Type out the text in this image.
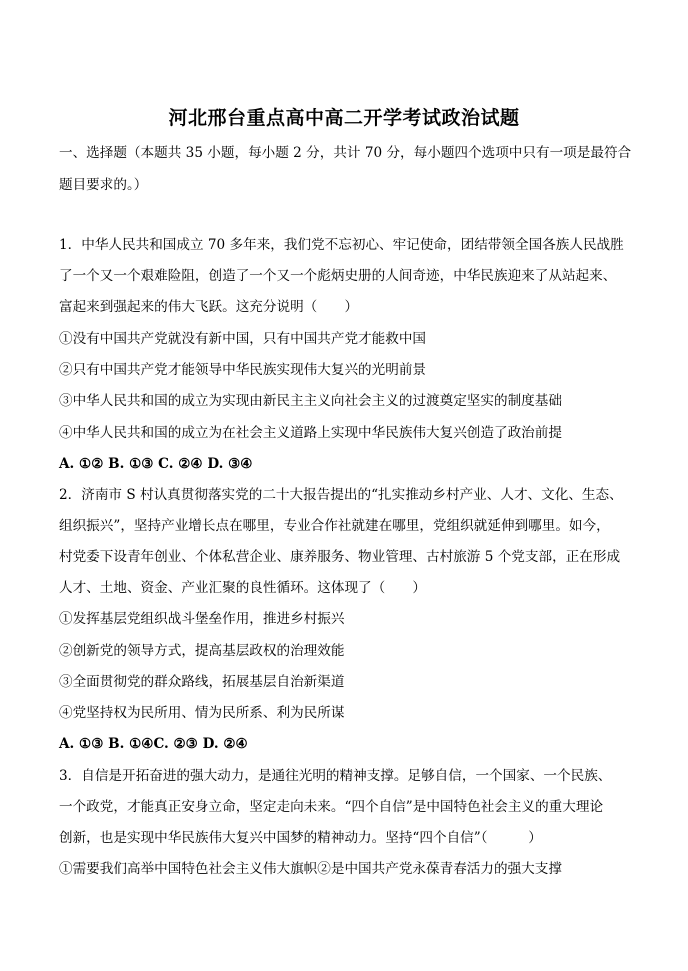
河北邢台重点高中高二开学考试政治试题
一、选择题（本题共 35 小题，每小题 2 分，共计 70 分，每小题四个选项中只有一项是最符合
题目要求的。）
1．中华人民共和国成立 70 多年来，我们党不忘初心、牢记使命，团结带领全国各族人民战胜
了一个又一个艰难险阻，创造了一个又一个彪炳史册的人间奇迹，中华民族迎来了从站起来、
富起来到强起来的伟大飞跃。这充分说明（　　）
①没有中国共产党就没有新中国，只有中国共产党才能救中国
②只有中国共产党才能领导中华民族实现伟大复兴的光明前景
③中华人民共和国的成立为实现由新民主主义向社会主义的过渡奠定坚实的制度基础
④中华人民共和国的成立为在社会主义道路上实现中华民族伟大复兴创造了政治前提
A. ①② B. ①③ C. ②④ D. ③④
2．济南市 S 村认真贯彻落实党的二十大报告提出的“扎实推动乡村产业、人才、文化、生态、
组织振兴”，坚持产业增长点在哪里，专业合作社就建在哪里，党组织就延伸到哪里。如今，
村党委下设青年创业、个体私营企业、康养服务、物业管理、古村旅游 5 个党支部，正在形成
人才、土地、资金、产业汇聚的良性循环。这体现了（　　）
①发挥基层党组织战斗堡垒作用，推进乡村振兴
②创新党的领导方式，提高基层政权的治理效能
③全面贯彻党的群众路线，拓展基层自治新渠道
④党坚持权为民所用、情为民所系、利为民所谋
A. ①③ B. ①④C. ②③ D. ②④
3．自信是开拓奋进的强大动力，是通往光明的精神支撑。足够自信，一个国家、一个民族、
一个政党，才能真正安身立命，坚定走向未来。“四个自信”是中国特色社会主义的重大理论
创新，也是实现中华民族伟大复兴中国梦的精神动力。坚持“四个自信”（　　　）
①需要我们高举中国特色社会主义伟大旗帜②是中国共产党永葆青春活力的强大支撑
